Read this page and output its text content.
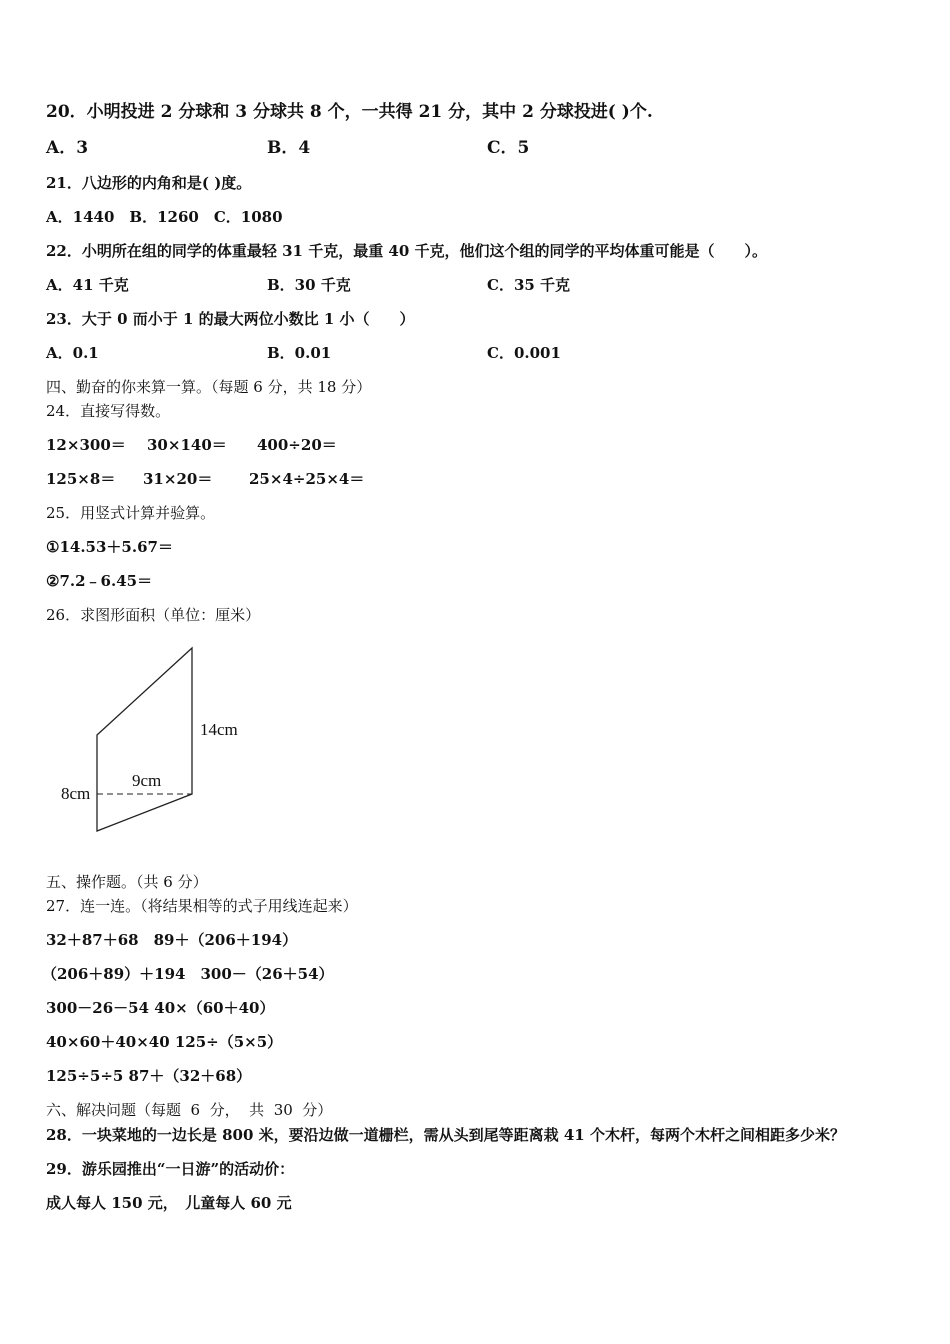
20．小明投进 2 分球和 3 分球共 8 个，一共得 21 分，其中 2 分球投进( )个.
A．3	B．4	C．5
21．八边形的内角和是( )度。
A．1440　B．1260　C．1080
22．小明所在组的同学的体重最轻 31 千克，最重 40 千克，他们这个组的同学的平均体重可能是（　　）。
A．41 千克	B．30 千克	C．35 千克
23．大于 0 而小于 1 的最大两位小数比 1 小（　　）
A．0.1	B．0.01	C．0.001
四、勤奋的你来算一算。（每题 6 分，共 18 分）
24．直接写得数。
12×300＝ 30×140＝ 400÷20＝
125×8＝ 31×20＝ 25×4÷25×4＝
25．用竖式计算并验算。
①14.53＋5.67＝
②7.2﹣6.45＝
26．求图形面积（单位：厘米）
14cm
8cm
9cm
五、操作题。（共 6 分）
27．连一连。（将结果相等的式子用线连起来）
32＋87＋68　89＋（206＋194）
（206＋89）＋194　300－（26＋54）
300－26－54 40×（60＋40）
40×60＋40×40 125÷（5×5）
125÷5÷5 87＋（32＋68）
六、解决问题（每题  6  分，  共  30  分）
28．一块菜地的一边长是 800 米，要沿边做一道栅栏，需从头到尾等距离栽 41 个木杆，每两个木杆之间相距多少米？
29．游乐园推出“一日游”的活动价：
成人每人 150 元，　儿童每人 60 元
